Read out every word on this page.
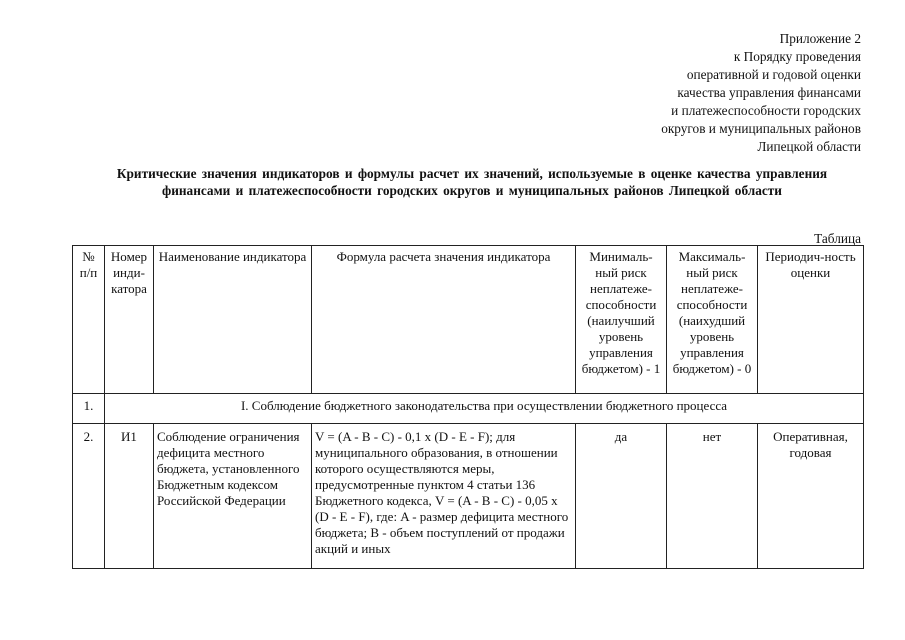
Приложение 2
к Порядку проведения
оперативной и годовой оценки
качества управления финансами
и платежеспособности городских
округов и муниципальных районов
Липецкой области
Критические значения индикаторов и формулы расчет их значений, используемые в оценке качества управления финансами и платежеспособности городских округов и муниципальных районов Липецкой области
Таблица
№ п/п	Номер инди-катора	Наименование индикатора	Формула расчета значения индикатора	Минималь-ный риск неплатеже-способности (наилучший уровень управления бюджетом) - 1	Максималь-ный риск неплатеже-способности (наихудший уровень управления бюджетом) - 0	Периодич-ность оценки
1.	I. Соблюдение бюджетного законодательства при осуществлении бюджетного процесса					
2.	И1	Соблюдение ограничения дефицита местного бюджета, установленного Бюджетным кодексом Российской Федерации	V = (A - B - C) - 0,1 x (D - E - F); для муниципального образования, в отношении которого осуществляются меры, предусмотренные пунктом 4 статьи 136 Бюджетного кодекса, V = (A - B - C) - 0,05 x (D - E - F), где: A - размер дефицита местного бюджета; B - объем поступлений от продажи акций и иных	да	нет	Оперативная, годовая
